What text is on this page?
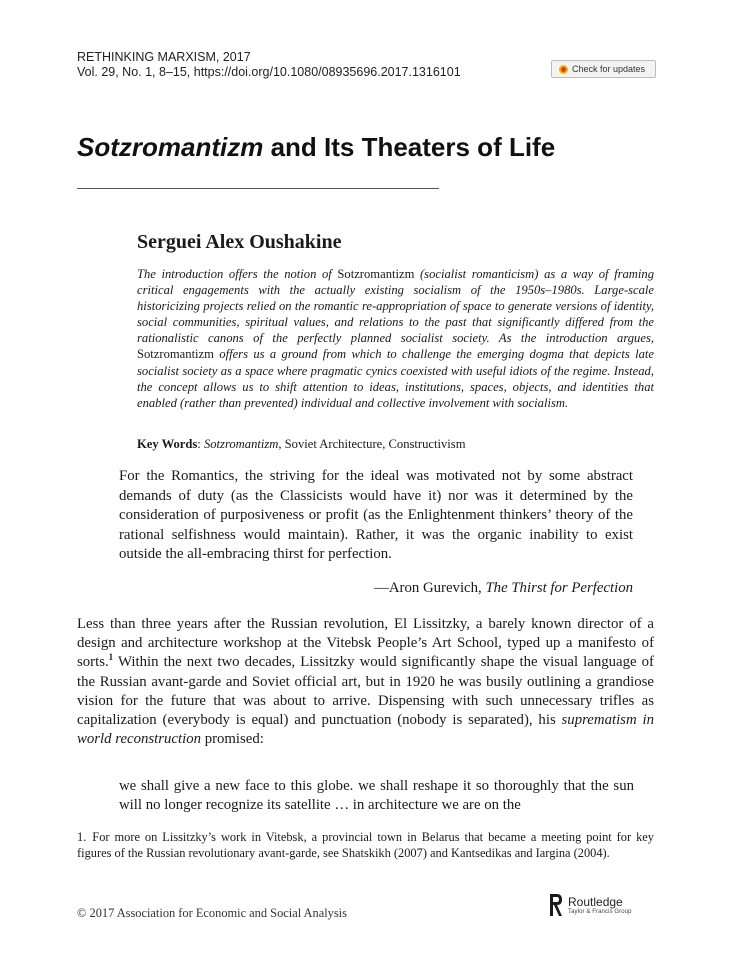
RETHINKING MARXISM, 2017
Vol. 29, No. 1, 8–15, https://doi.org/10.1080/08935696.2017.1316101	Check for updates
Sotzromantizm and Its Theaters of Life
Serguei Alex Oushakine
The introduction offers the notion of Sotzromantizm (socialist romanticism) as a way of framing critical engagements with the actually existing socialism of the 1950s–1980s. Large-scale historicizing projects relied on the romantic re-appropriation of space to generate versions of identity, social communities, spiritual values, and relations to the past that significantly differed from the rationalistic canons of the perfectly planned socialist society. As the introduction argues, Sotzromantizm offers us a ground from which to challenge the emerging dogma that depicts late socialist society as a space where pragmatic cynics coexisted with useful idiots of the regime. Instead, the concept allows us to shift attention to ideas, institutions, spaces, objects, and identities that enabled (rather than prevented) individual and collective involvement with socialism.
Key Words: Sotzromantizm, Soviet Architecture, Constructivism
For the Romantics, the striving for the ideal was motivated not by some abstract demands of duty (as the Classicists would have it) nor was it determined by the consideration of purposiveness or profit (as the Enlightenment thinkers’ theory of the rational selfishness would maintain). Rather, it was the organic inability to exist outside the all-embracing thirst for perfection.
—Aron Gurevich, The Thirst for Perfection
Less than three years after the Russian revolution, El Lissitzky, a barely known director of a design and architecture workshop at the Vitebsk People’s Art School, typed up a manifesto of sorts.$^1$ Within the next two decades, Lissitzky would significantly shape the visual language of the Russian avant-garde and Soviet official art, but in 1920 he was busily outlining a grandiose vision for the future that was about to arrive. Dispensing with such unnecessary trifles as capitalization (everybody is equal) and punctuation (nobody is separated), his suprematism in world reconstruction promised:
we shall give a new face to this globe. we shall reshape it so thoroughly that the sun will no longer recognize its satellite … in architecture we are on the
1. For more on Lissitzky’s work in Vitebsk, a provincial town in Belarus that became a meeting point for key figures of the Russian revolutionary avant-garde, see Shatskikh (2007) and Kantsedikas and Iargina (2004).
© 2017 Association for Economic and Social Analysis
Routledge
Taylor & Francis Group
